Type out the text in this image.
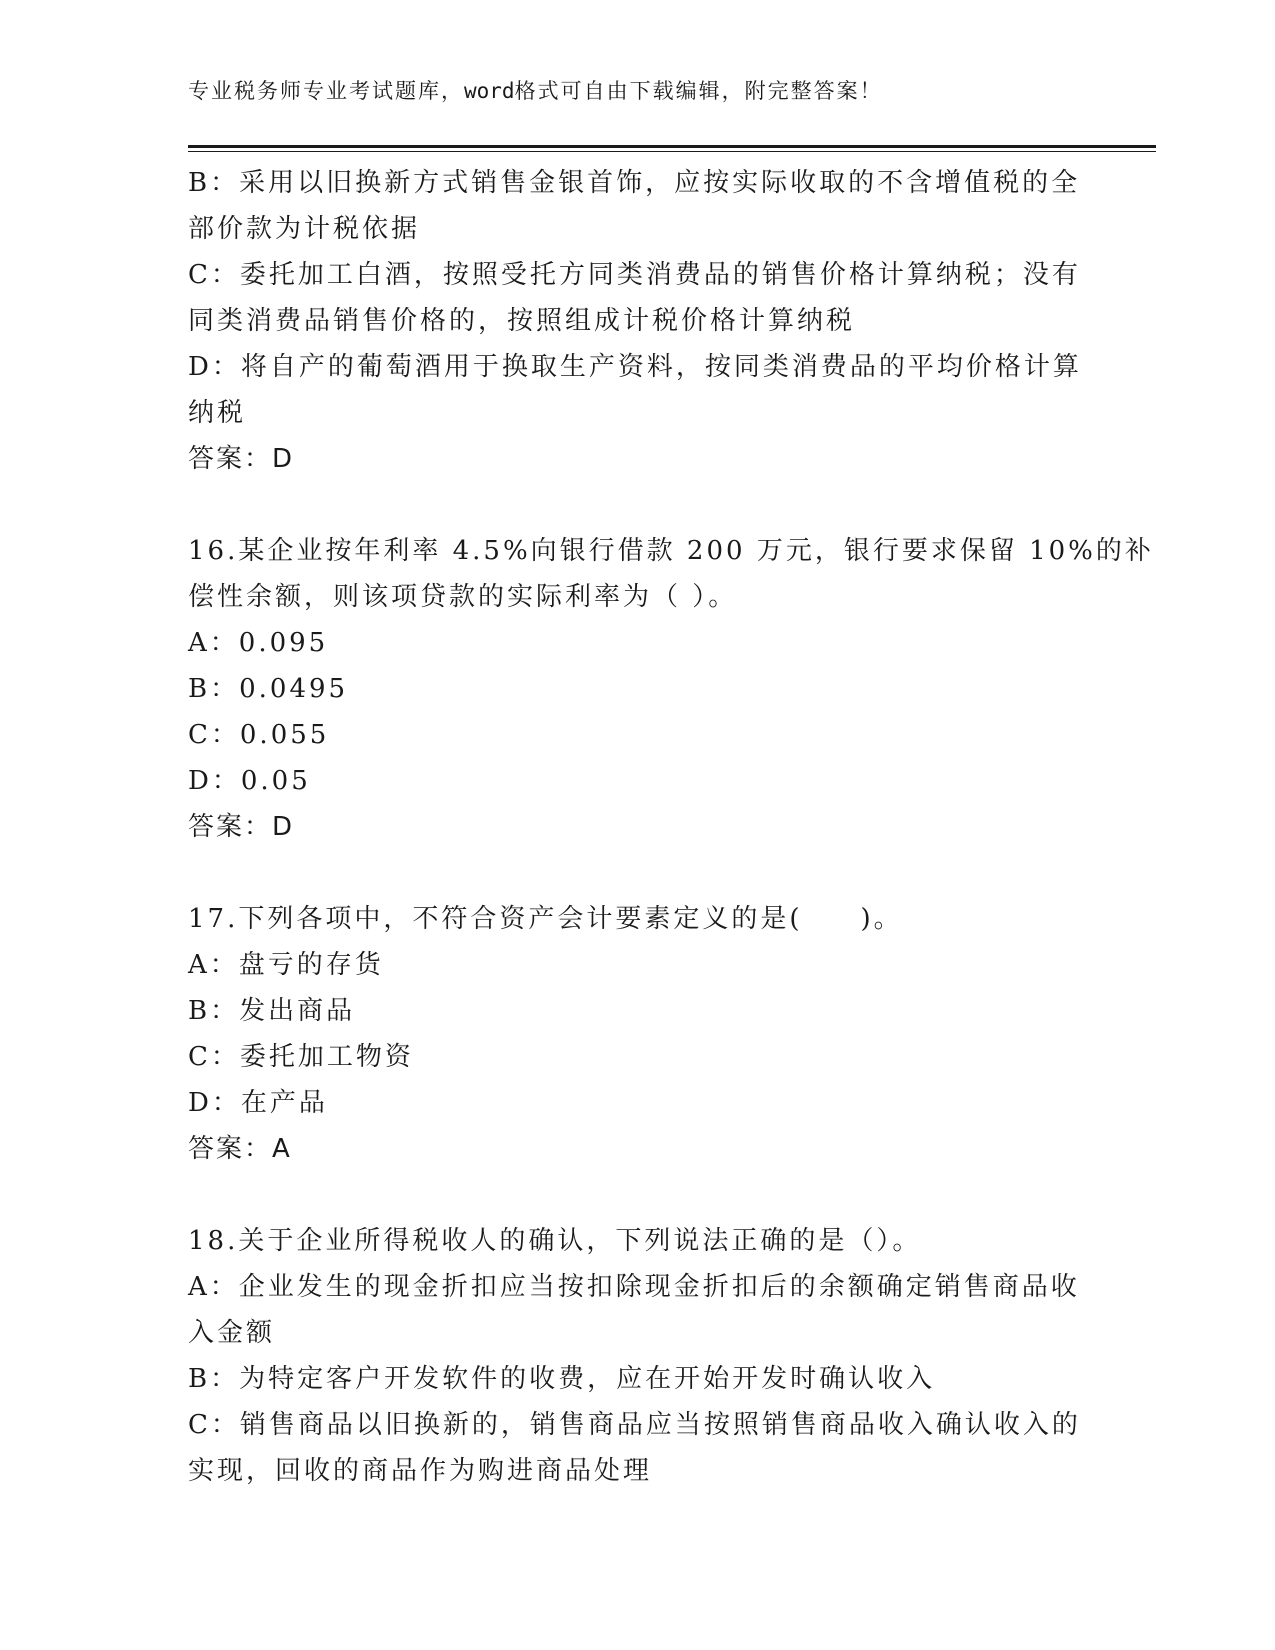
专业税务师专业考试题库，word格式可自由下载编辑，附完整答案！
B：采用以旧换新方式销售金银首饰，应按实际收取的不含增值税的全
部价款为计税依据
C：委托加工白酒，按照受托方同类消费品的销售价格计算纳税；没有
同类消费品销售价格的，按照组成计税价格计算纳税
D：将自产的葡萄酒用于换取生产资料，按同类消费品的平均价格计算
纳税
答案：D
16.某企业按年利率 4.5%向银行借款 200 万元，银行要求保留 10%的补
偿性余额，则该项贷款的实际利率为（ ）。
A：0.095
B：0.0495
C：0.055
D：0.05
答案：D
17.下列各项中，不符合资产会计要素定义的是(　　)。
A：盘亏的存货
B：发出商品
C：委托加工物资
D：在产品
答案：A
18.关于企业所得税收人的确认，下列说法正确的是（）。
A：企业发生的现金折扣应当按扣除现金折扣后的余额确定销售商品收
入金额
B：为特定客户开发软件的收费，应在开始开发时确认收入
C：销售商品以旧换新的，销售商品应当按照销售商品收入确认收入的
实现，回收的商品作为购进商品处理
